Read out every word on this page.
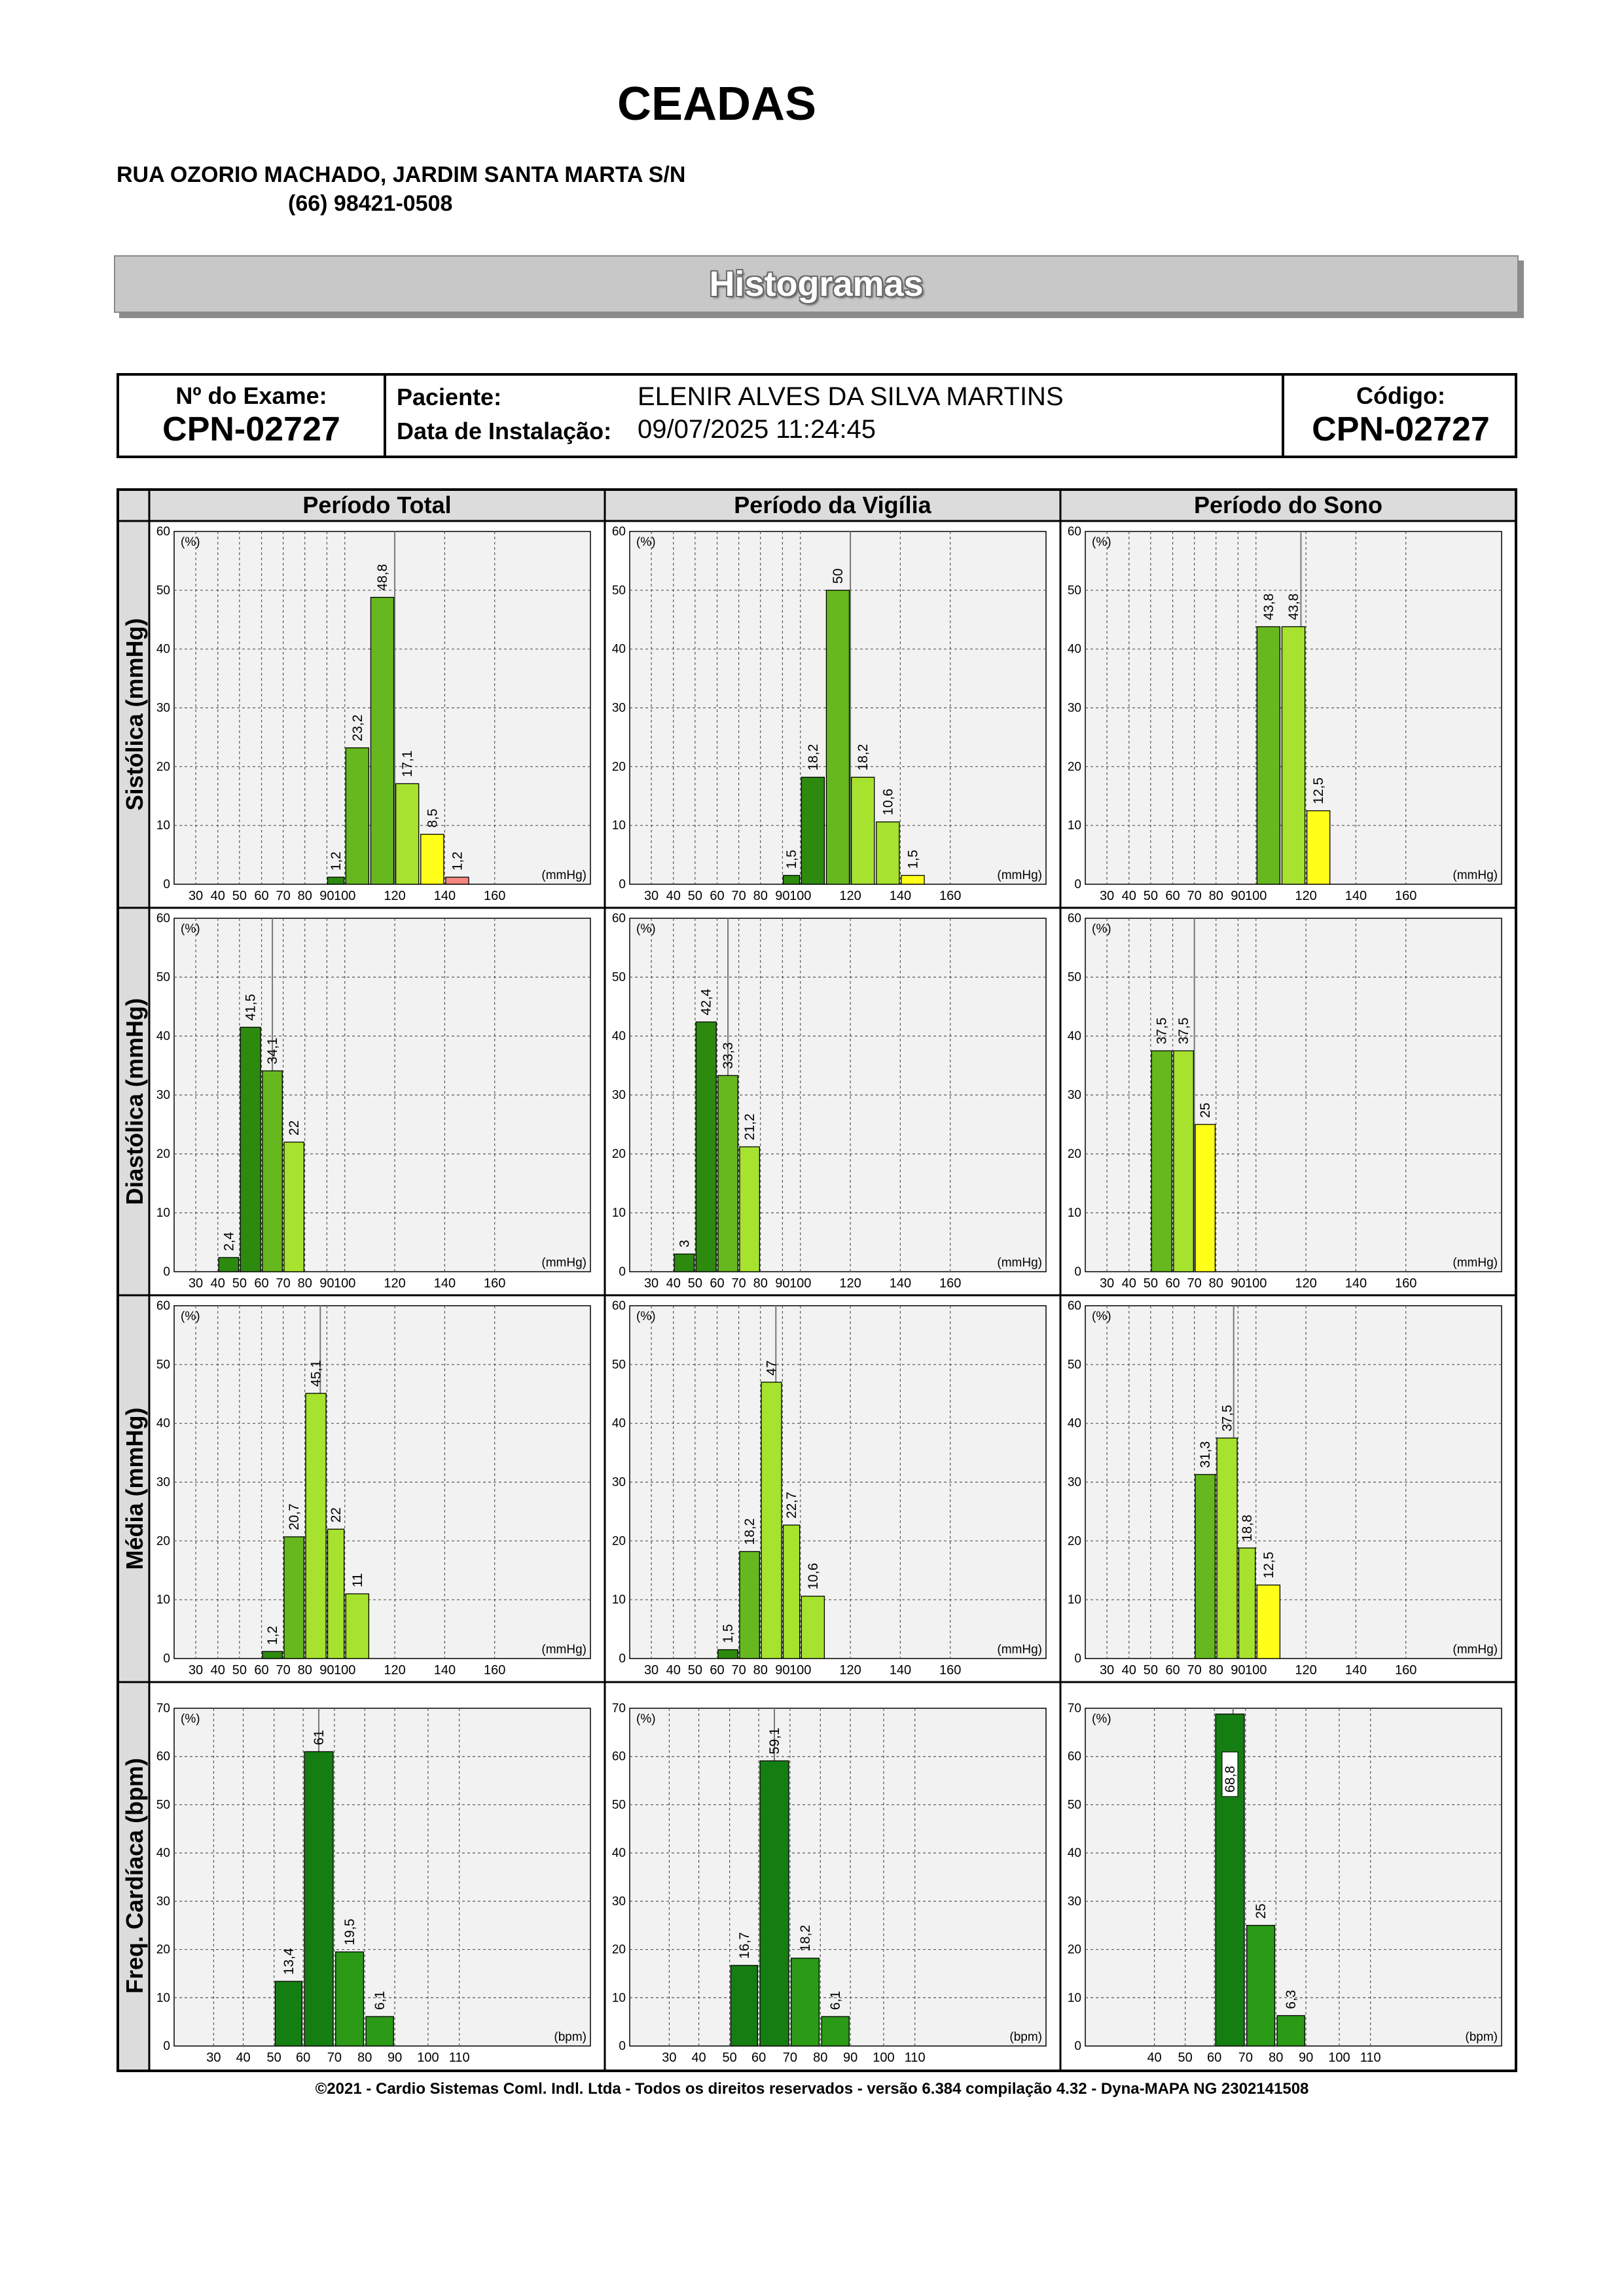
CEADAS
RUA OZORIO MACHADO, JARDIM SANTA MARTA S/N
(66) 98421-0508
Histogramas
Nº do Exame:
CPN-02727
Paciente:	ELENIR ALVES DA SILVA MARTINS
Data de Instalação: 09/07/2025 11:24:45
Código:
CPN-02727
Período Total	Período da Vigília	Período do Sono
Sistólica (mmHg)
Diastólica (mmHg)
Média (mmHg)
Freq. Cardíaca (bpm)
0
10
20
30
40
50
60
30 40 50 60 70 80 90 100 120 140 160
(%)
(mmHg)
1,2
23,2
48,8
17,1
8,5
1,2
0
10
20
30
40
50
60
30 40 50 60 70 80 90 100 120 140 160
(%)
(mmHg)
1,5
18,2
50
18,2
10,6
1,5
0
10
20
30
40
50
60
30 40 50 60 70 80 90 100 120 140 160
(%)
(mmHg)
43,8 43,8
12,5
0
10
20
30
40
50
60
30 40 50 60 70 80 90 100 120 140 160
(%)
(mmHg)
2,4
41,5
34,1
22
0
10
20
30
40
50
60
30 40 50 60 70 80 90 100 120 140 160
(%)
(mmHg)
3
42,4
33,3
21,2
0
10
20
30
40
50
60
30 40 50 60 70 80 90 100 120 140 160
(%)
(mmHg)
37,5 37,5
25
0
10
20
30
40
50
60
30 40 50 60 70 80 90 100 120 140 160
(%)
(mmHg)
1,2
20,7
45,1
22
11
0
10
20
30
40
50
60
30 40 50 60 70 80 90 100 120 140 160
(%)
(mmHg)
1,5
18,2
47
22,7
10,6
0
10
20
30
40
50
60
30 40 50 60 70 80 90 100 120 140 160
(%)
(mmHg)
31,3
37,5
18,8
12,5
0
10
20
30
40
50
60
70
30 40 50 60 70 80 90 100 110
(%)
(bpm)
13,4
61
19,5
6,1
0
10
20
30
40
50
60
70
30 40 50 60 70 80 90 100 110
(%)
(bpm)
16,7
59,1
18,2
6,1
0
10
20
30
40
50
60
70
40 50 60 70 80 90 100 110
(%)
(bpm)
68,8
25
6,3
©2021 - Cardio Sistemas Coml. Indl. Ltda - Todos os direitos reservados - versão 6.384 compilação 4.32 - Dyna-MAPA NG 2302141508
